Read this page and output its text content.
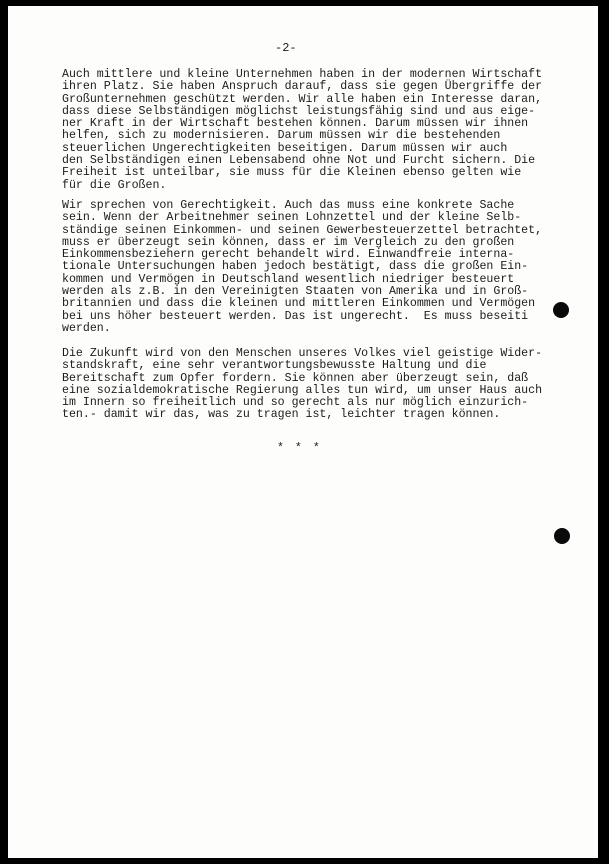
-2-

Auch mittlere und kleine Unternehmen haben in der modernen Wirtschaft
ihren Platz. Sie haben Anspruch darauf, dass sie gegen Übergriffe der
Großunternehmen geschützt werden. Wir alle haben ein Interesse daran,
dass diese Selbständigen möglichst leistungsfähig sind und aus eige-
ner Kraft in der Wirtschaft bestehen können. Darum müssen wir ihnen
helfen, sich zu modernisieren. Darum müssen wir die bestehenden
steuerlichen Ungerechtigkeiten beseitigen. Darum müssen wir auch
den Selbständigen einen Lebensabend ohne Not und Furcht sichern. Die
Freiheit ist unteilbar, sie muss für die Kleinen ebenso gelten wie
für die Großen.

Wir sprechen von Gerechtigkeit. Auch das muss eine konkrete Sache
sein. Wenn der Arbeitnehmer seinen Lohnzettel und der kleine Selb-
ständige seinen Einkommen- und seinen Gewerbesteuerzettel betrachtet,
muss er überzeugt sein können, dass er im Vergleich zu den großen
Einkommensbeziehern gerecht behandelt wird. Einwandfreie interna-
tionale Untersuchungen haben jedoch bestätigt, dass die großen Ein-
kommen und Vermögen in Deutschland wesentlich niedriger besteuert
werden als z.B. in den Vereinigten Staaten von Amerika und in Groß-
britannien und dass die kleinen und mittleren Einkommen und Vermögen
bei uns höher besteuert werden. Das ist ungerecht.  Es muss beseiti
werden.

Die Zukunft wird von den Menschen unseres Volkes viel geistige Wider-
standskraft, eine sehr verantwortungsbewusste Haltung und die
Bereitschaft zum Opfer fordern. Sie können aber überzeugt sein, daß
eine sozialdemokratische Regierung alles tun wird, um unser Haus auch
im Innern so freiheitlich und so gerecht als nur möglich einzurich-
ten.- damit wir das, was zu tragen ist, leichter tragen können.

* * *
